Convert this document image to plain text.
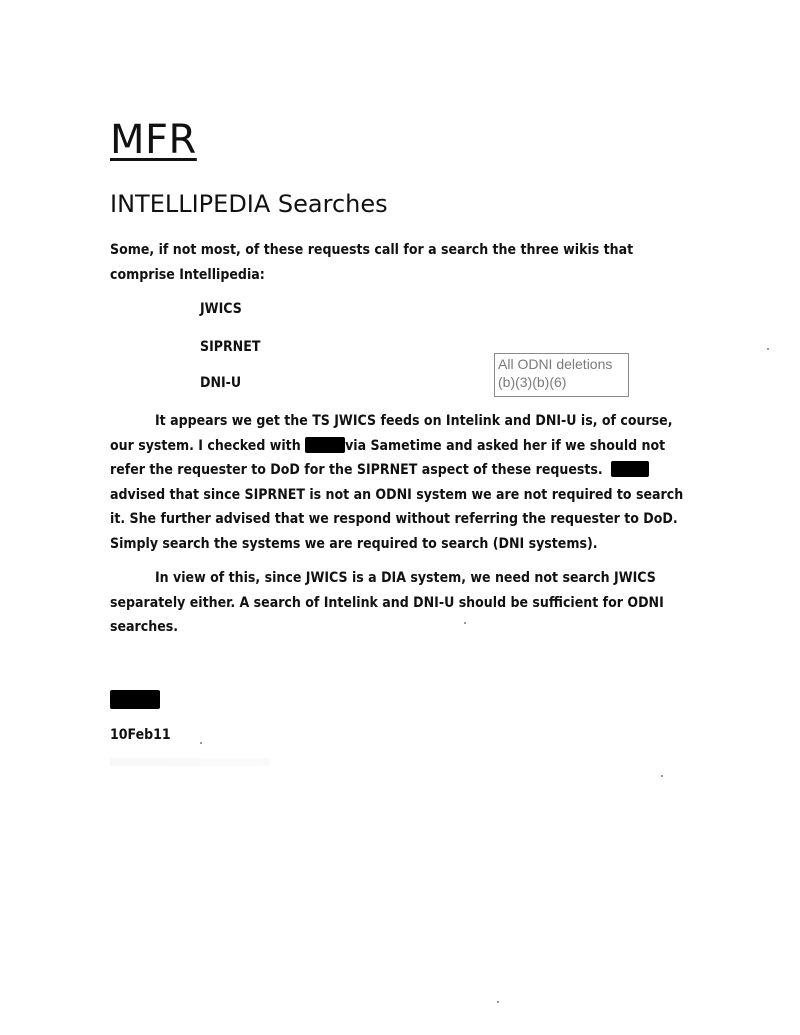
MFR
INTELLIPEDIA Searches

Some, if not most, of these requests call for a search the three wikis that
comprise Intellipedia:

JWICS
SIPRNET
DNI-U
All ODNI deletions
(b)(3)(b)(6)

It appears we get the TS JWICS feeds on Intelink and DNI-U is, of course,
our system. I checked with	via Sametime and asked her if we should not
refer the requester to DoD for the SIPRNET aspect of these requests.
advised that since SIPRNET is not an ODNI system we are not required to search
it. She further advised that we respond without referring the requester to DoD.
Simply search the systems we are required to search (DNI systems).

In view of this, since JWICS is a DIA system, we need not search JWICS
separately either. A search of Intelink and DNI-U should be sufficient for ODNI
searches.

10Feb11
